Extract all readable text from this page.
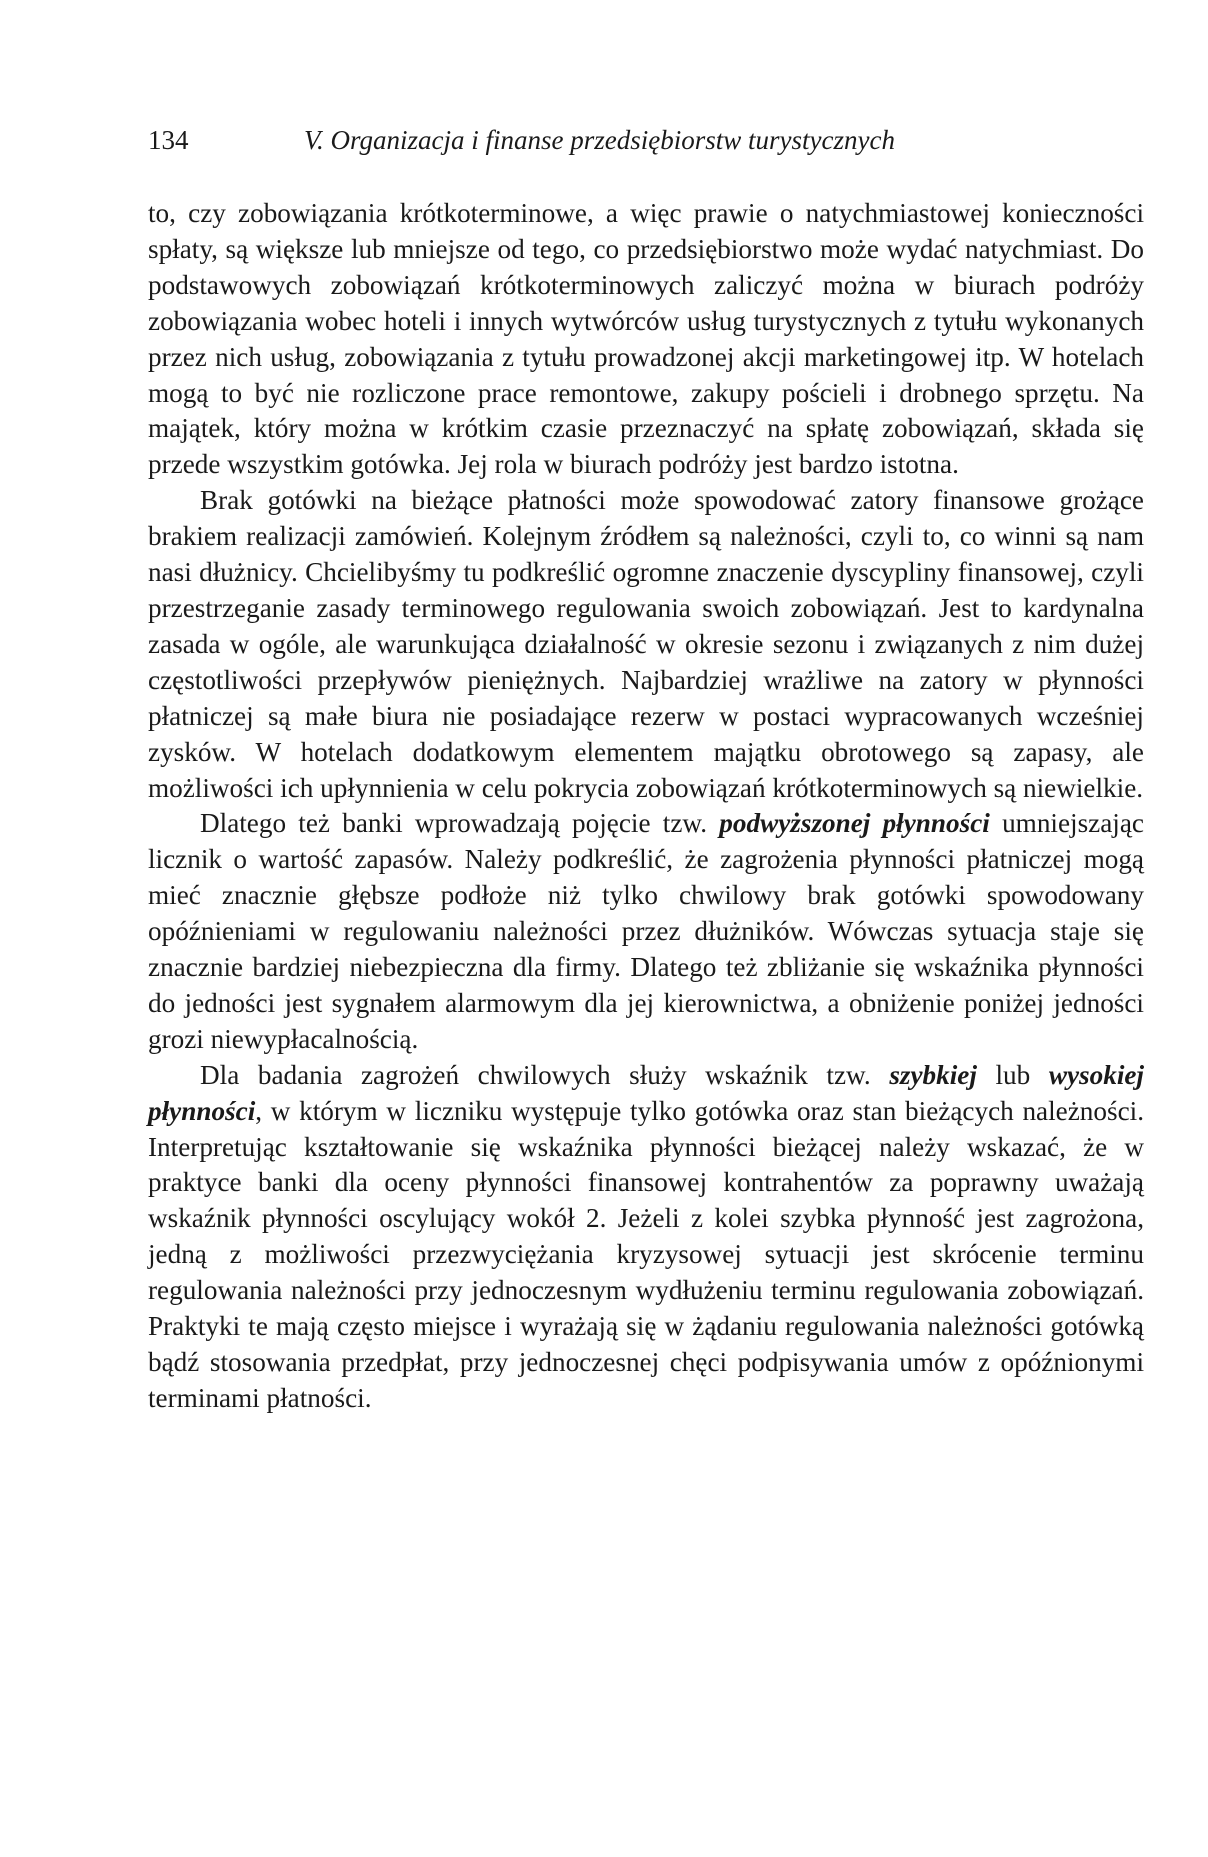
134	V. Organizacja i finanse przedsiębiorstw turystycznych

to, czy zobowiązania krótkoterminowe, a więc prawie o natychmiastowej konieczności spłaty, są większe lub mniejsze od tego, co przedsiębiorstwo może wydać natychmiast. Do podstawowych zobowiązań krótkoterminowych zaliczyć można w biurach podróży zobowiązania wobec hoteli i innych wytwórców usług turystycznych z tytułu wykonanych przez nich usług, zobowiązania z tytułu prowadzonej akcji marketingowej itp. W hotelach mogą to być nie rozliczone prace remontowe, zakupy pościeli i drobnego sprzętu. Na majątek, który można w krótkim czasie przeznaczyć na spłatę zobowiązań, składa się przede wszystkim gotówka. Jej rola w biurach podróży jest bardzo istotna.

Brak gotówki na bieżące płatności może spowodować zatory finansowe grożące brakiem realizacji zamówień. Kolejnym źródłem są należności, czyli to, co winni są nam nasi dłużnicy. Chcielibyśmy tu podkreślić ogromne znaczenie dyscypliny finansowej, czyli przestrzeganie zasady terminowego regulowania swoich zobowiązań. Jest to kardynalna zasada w ogóle, ale warunkująca działalność w okresie sezonu i związanych z nim dużej częstotliwości przepływów pieniężnych. Najbardziej wrażliwe na zatory w płynności płatniczej są małe biura nie posiadające rezerw w postaci wypracowanych wcześniej zysków. W hotelach dodatkowym elementem majątku obrotowego są zapasy, ale możliwości ich upłynnienia w celu pokrycia zobowiązań krótkoterminowych są niewielkie.

Dlatego też banki wprowadzają pojęcie tzw. podwyższonej płynności umniejszając licznik o wartość zapasów. Należy podkreślić, że zagrożenia płynności płatniczej mogą mieć znacznie głębsze podłoże niż tylko chwilowy brak gotówki spowodowany opóźnieniami w regulowaniu należności przez dłużników. Wówczas sytuacja staje się znacznie bardziej niebezpieczna dla firmy. Dlatego też zbliżanie się wskaźnika płynności do jedności jest sygnałem alarmowym dla jej kierownictwa, a obniżenie poniżej jedności grozi niewypłacalnością.

Dla badania zagrożeń chwilowych służy wskaźnik tzw. szybkiej lub wysokiej płynności, w którym w liczniku występuje tylko gotówka oraz stan bieżących należności. Interpretując kształtowanie się wskaźnika płynności bieżącej należy wskazać, że w praktyce banki dla oceny płynności finansowej kontrahentów za poprawny uważają wskaźnik płynności oscylujący wokół 2. Jeżeli z kolei szybka płynność jest zagrożona, jedną z możliwości przezwyciężania kryzysowej sytuacji jest skrócenie terminu regulowania należności przy jednoczesnym wydłużeniu terminu regulowania zobowiązań. Praktyki te mają często miejsce i wyrażają się w żądaniu regulowania należności gotówką bądź stosowania przedpłat, przy jednoczesnej chęci podpisywania umów z opóźnionymi terminami płatności.
